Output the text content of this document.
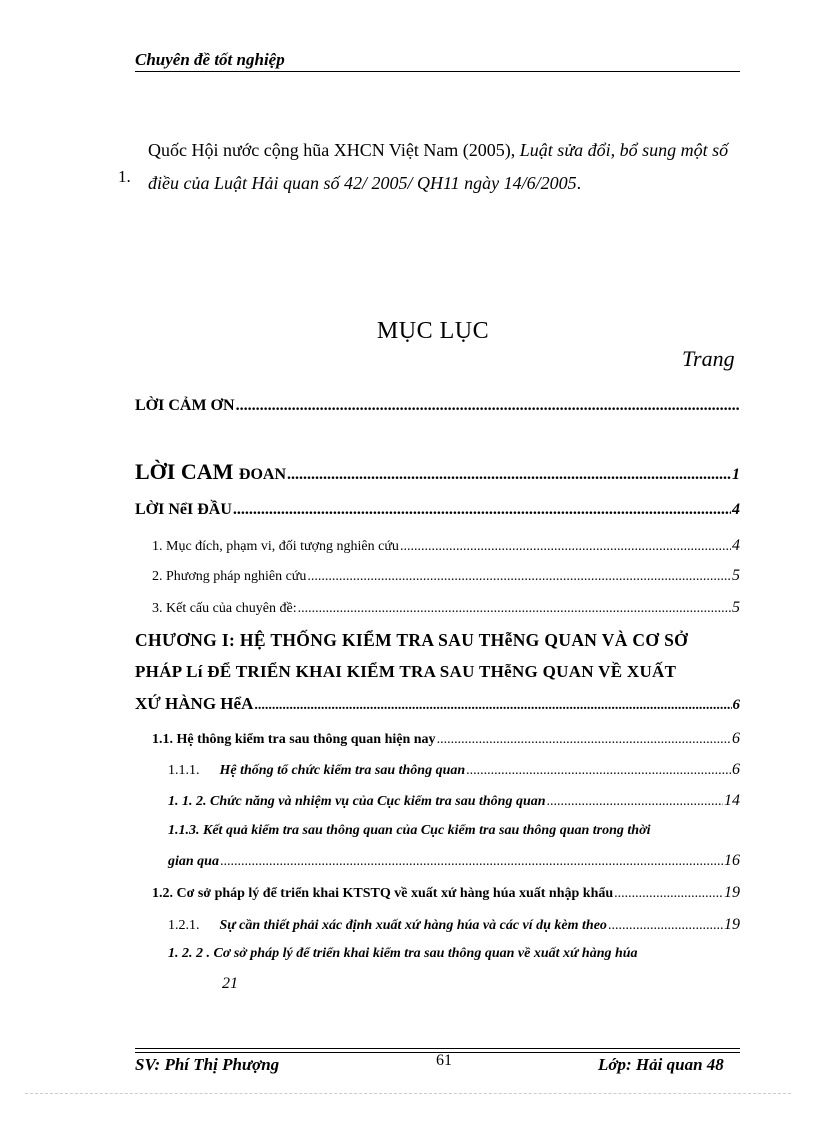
Chuyên đề tốt nghiệp
1.
Quốc Hội nước cộng hũa XHCN Việt Nam (2005), Luật sửa đổi, bổ sung một số
điều của Luật Hải quan số 42/ 2005/ QH11 ngày 14/6/2005.
MỤC LỤC
Trang
LỜI CẢM ƠN
.....
LỜI CAM ĐOAN .....	1
LỜI NểI ĐẦU .....	4
1. Mục đích, phạm vi, đối tượng nghiên cứu .....	4
2. Phương pháp nghiên cứu .....	5
3. Kết cấu của chuyên đề: .....	5
CHƯƠNG I: HỆ THỐNG KIỂM TRA SAU THễNG QUAN VÀ CƠ SỞ
PHÁP Lí ĐỂ TRIỂN KHAI KIỂM TRA SAU THễNG QUAN VỀ XUẤT
XỨ HÀNG HểA .....	6
1.1. Hệ thông kiểm tra sau thông quan hiện nay .....	6
1.1.1. Hệ thống tổ chức kiểm tra sau thông quan .....	6
1. 1. 2. Chức năng và nhiệm vụ của Cục kiểm tra sau thông quan .....	14
1.1.3. Kết quả kiểm tra sau thông quan của Cục kiểm tra sau thông quan trong thời
gian qua .....	16
1.2. Cơ sở pháp lý để triển khai KTSTQ về xuất xứ hàng húa xuất nhập khẩu .....	19
1.2.1. Sự cần thiết phải xác định xuất xứ hàng húa và các ví dụ kèm theo .....	19
1. 2. 2 . Cơ sở pháp lý để triển khai kiểm tra sau thông quan về xuất xứ hàng húa
21
SV: Phí Thị Phượng	61	Lớp: Hải quan 48
